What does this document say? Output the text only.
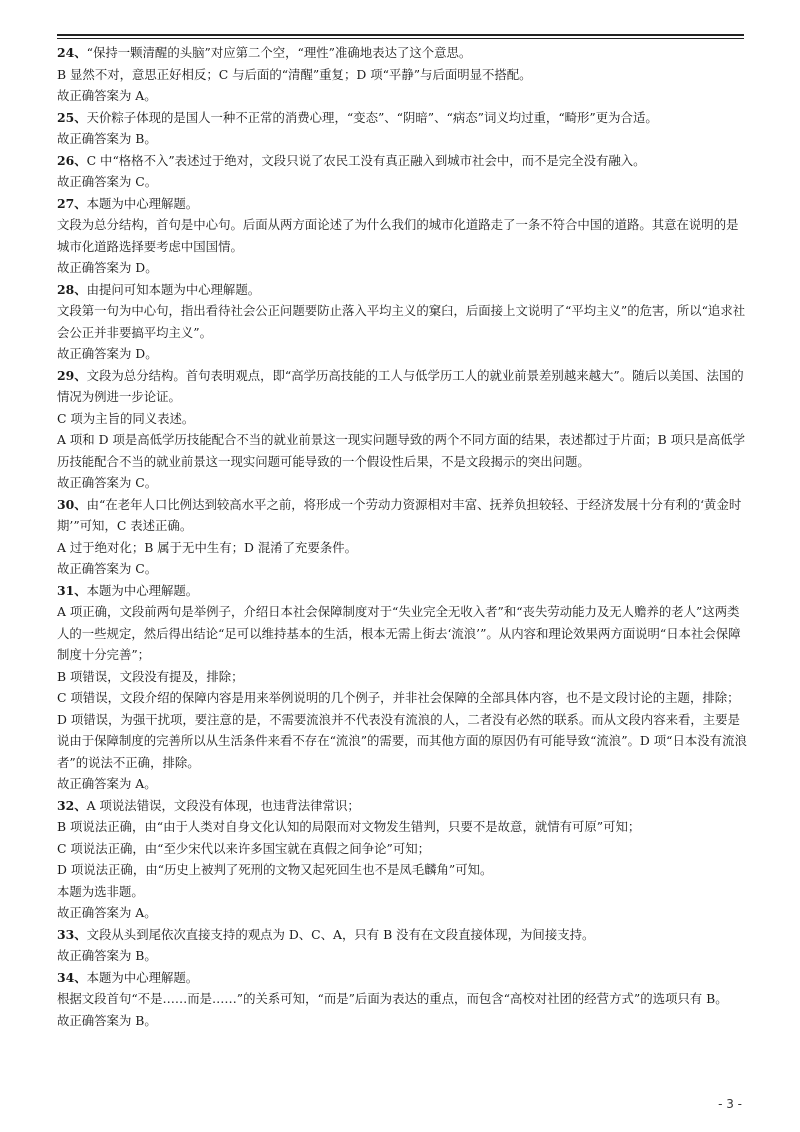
24、“保持一颗清醒的头脑”对应第二个空，“理性”准确地表达了这个意思。

B 显然不对，意思正好相反；C 与后面的“清醒”重复；D 项“平静”与后面明显不搭配。

故正确答案为 A。

25、天价粽子体现的是国人一种不正常的消费心理，“变态”、“阴暗”、“病态”词义均过重，“畸形”更为合适。

故正确答案为 B。

26、C 中“格格不入”表述过于绝对，文段只说了农民工没有真正融入到城市社会中，而不是完全没有融入。

故正确答案为 C。

27、本题为中心理解题。

文段为总分结构，首句是中心句。后面从两方面论述了为什么我们的城市化道路走了一条不符合中国的道路。其意在说明的是城市化道路选择要考虑中国国情。

故正确答案为 D。

28、由提问可知本题为中心理解题。

文段第一句为中心句，指出看待社会公正问题要防止落入平均主义的窠臼，后面接上文说明了“平均主义”的危害，所以“追求社会公正并非要搞平均主义”。

故正确答案为 D。

29、文段为总分结构。首句表明观点，即“高学历高技能的工人与低学历工人的就业前景差别越来越大”。随后以美国、法国的情况为例进一步论证。

C 项为主旨的同义表述。

A 项和 D 项是高低学历技能配合不当的就业前景这一现实问题导致的两个不同方面的结果，表述都过于片面；B 项只是高低学历技能配合不当的就业前景这一现实问题可能导致的一个假设性后果，不是文段揭示的突出问题。

故正确答案为 C。

30、由“在老年人口比例达到较高水平之前，将形成一个劳动力资源相对丰富、抚养负担较轻、于经济发展十分有利的‘黄金时期’”可知，C 表述正确。

A 过于绝对化；B 属于无中生有；D 混淆了充要条件。

故正确答案为 C。

31、本题为中心理解题。

A 项正确，文段前两句是举例子，介绍日本社会保障制度对于“失业完全无收入者”和“丧失劳动能力及无人赡养的老人”这两类人的一些规定，然后得出结论“足可以维持基本的生活，根本无需上街去‘流浪’”。从内容和理论效果两方面说明“日本社会保障制度十分完善”；

B 项错误，文段没有提及，排除；

C 项错误，文段介绍的保障内容是用来举例说明的几个例子，并非社会保障的全部具体内容，也不是文段讨论的主题，排除；

D 项错误，为强干扰项，要注意的是，不需要流浪并不代表没有流浪的人，二者没有必然的联系。而从文段内容来看，主要是说由于保障制度的完善所以从生活条件来看不存在“流浪”的需要，而其他方面的原因仍有可能导致“流浪”。D 项“日本没有流浪者”的说法不正确，排除。

故正确答案为 A。

32、A 项说法错误，文段没有体现，也违背法律常识；

B 项说法正确，由“由于人类对自身文化认知的局限而对文物发生错判，只要不是故意，就情有可原”可知；

C 项说法正确，由“至少宋代以来许多国宝就在真假之间争论”可知；

D 项说法正确，由“历史上被判了死刑的文物又起死回生也不是凤毛麟角”可知。

本题为选非题。

故正确答案为 A。

33、文段从头到尾依次直接支持的观点为 D、C、A，只有 B 没有在文段直接体现，为间接支持。

故正确答案为 B。

34、本题为中心理解题。

根据文段首句“不是……而是……”的关系可知，“而是”后面为表达的重点，而包含“高校对社团的经营方式”的选项只有 B。

故正确答案为 B。

- 3 -
